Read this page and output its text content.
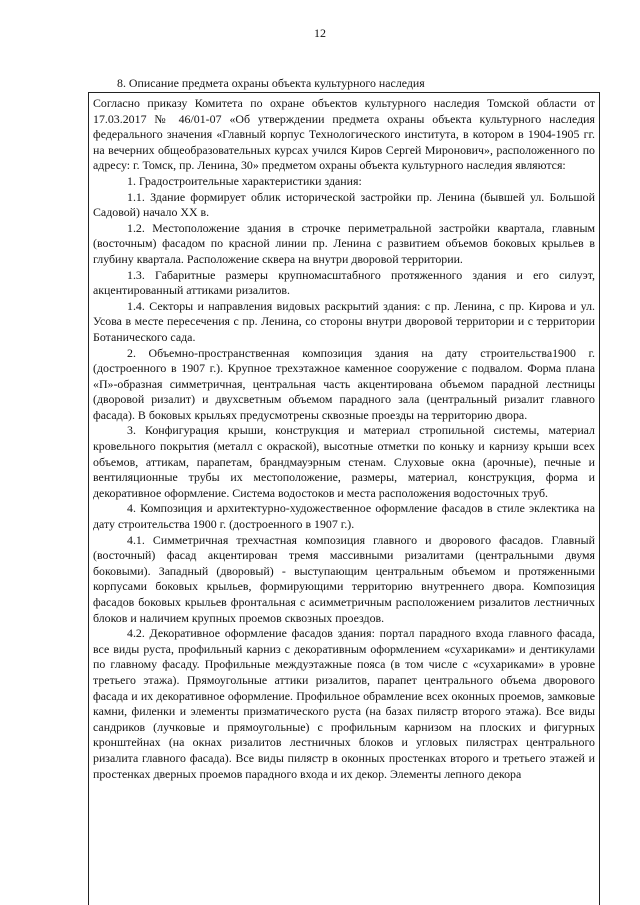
12
8. Описание предмета охраны объекта культурного наследия

Согласно приказу Комитета по охране объектов культурного наследия Томской области от 17.03.2017 № 46/01-07 «Об утверждении предмета охраны объекта культурного наследия федерального значения «Главный корпус Технологического института, в котором в 1904-1905 гг. на вечерних общеобразовательных курсах учился Киров Сергей Миронович», расположенного по адресу: г. Томск, пр. Ленина, 30» предметом охраны объекта культурного наследия являются:

1. Градостроительные характеристики здания:

1.1. Здание формирует облик исторической застройки пр. Ленина (бывшей ул. Большой Садовой) начало XX в.

1.2. Местоположение здания в строчке периметральной застройки квартала, главным (восточным) фасадом по красной линии пр. Ленина с развитием объемов боковых крыльев в глубину квартала. Расположение сквера на внутри дворовой территории.

1.3. Габаритные размеры крупномасштабного протяженного здания и его силуэт, акцентированный аттиками ризалитов.

1.4. Секторы и направления видовых раскрытий здания: с пр. Ленина, с пр. Кирова и ул. Усова в месте пересечения с пр. Ленина, со стороны внутри дворовой территории и с территории Ботанического сада.

2. Объемно-пространственная композиция здания на дату строительства1900 г. (достроенного в 1907 г.). Крупное трехэтажное каменное сооружение с подвалом. Форма плана «П»-образная симметричная, центральная часть акцентирована объемом парадной лестницы (дворовой ризалит) и двухсветным объемом парадного зала (центральный ризалит главного фасада). В боковых крыльях предусмотрены сквозные проезды на территорию двора.

3. Конфигурация крыши, конструкция и материал стропильной системы, материал кровельного покрытия (металл с окраской), высотные отметки по коньку и карнизу крыши всех объемов, аттикам, парапетам, брандмауэрным стенам. Слуховые окна (арочные), печные и вентиляционные трубы их местоположение, размеры, материал, конструкция, форма и декоративное оформление. Система водостоков и места расположения водосточных труб.

4. Композиция и архитектурно-художественное оформление фасадов в стиле эклектика на дату строительства 1900 г. (достроенного в 1907 г.).

4.1. Симметричная трехчастная композиция главного и дворового фасадов. Главный (восточный) фасад акцентирован тремя массивными ризалитами (центральными двумя боковыми). Западный (дворовый) - выступающим центральным объемом и протяженными корпусами боковых крыльев, формирующими территорию внутреннего двора. Композиция фасадов боковых крыльев фронтальная с асимметричным расположением ризалитов лестничных блоков и наличием крупных проемов сквозных проездов.

4.2. Декоративное оформление фасадов здания: портал парадного входа главного фасада, все виды руста, профильный карниз с декоративным оформлением «сухариками» и дентикулами по главному фасаду. Профильные междуэтажные пояса (в том числе с «сухариками» в уровне третьего этажа). Прямоугольные аттики ризалитов, парапет центрального объема дворового фасада и их декоративное оформление. Профильное обрамление всех оконных проемов, замковые камни, филенки и элементы призматического руста (на базах пилястр второго этажа). Все виды сандриков (лучковые и прямоугольные) с профильным карнизом на плоских и фигурных кронштейнах (на окнах ризалитов лестничных блоков и угловых пилястрах центрального ризалита главного фасада). Все виды пилястр в оконных простенках второго и третьего этажей и простенках дверных проемов парадного входа и их декор. Элементы лепного декора
